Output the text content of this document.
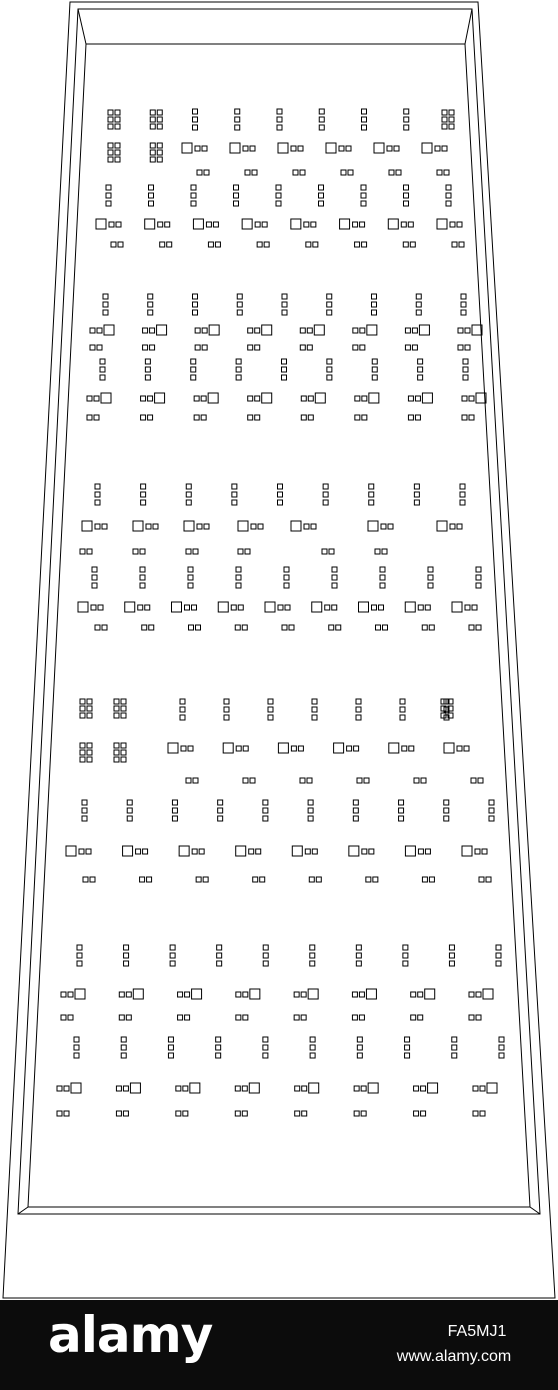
alamy	FA5MJ1
www.alamy.com
